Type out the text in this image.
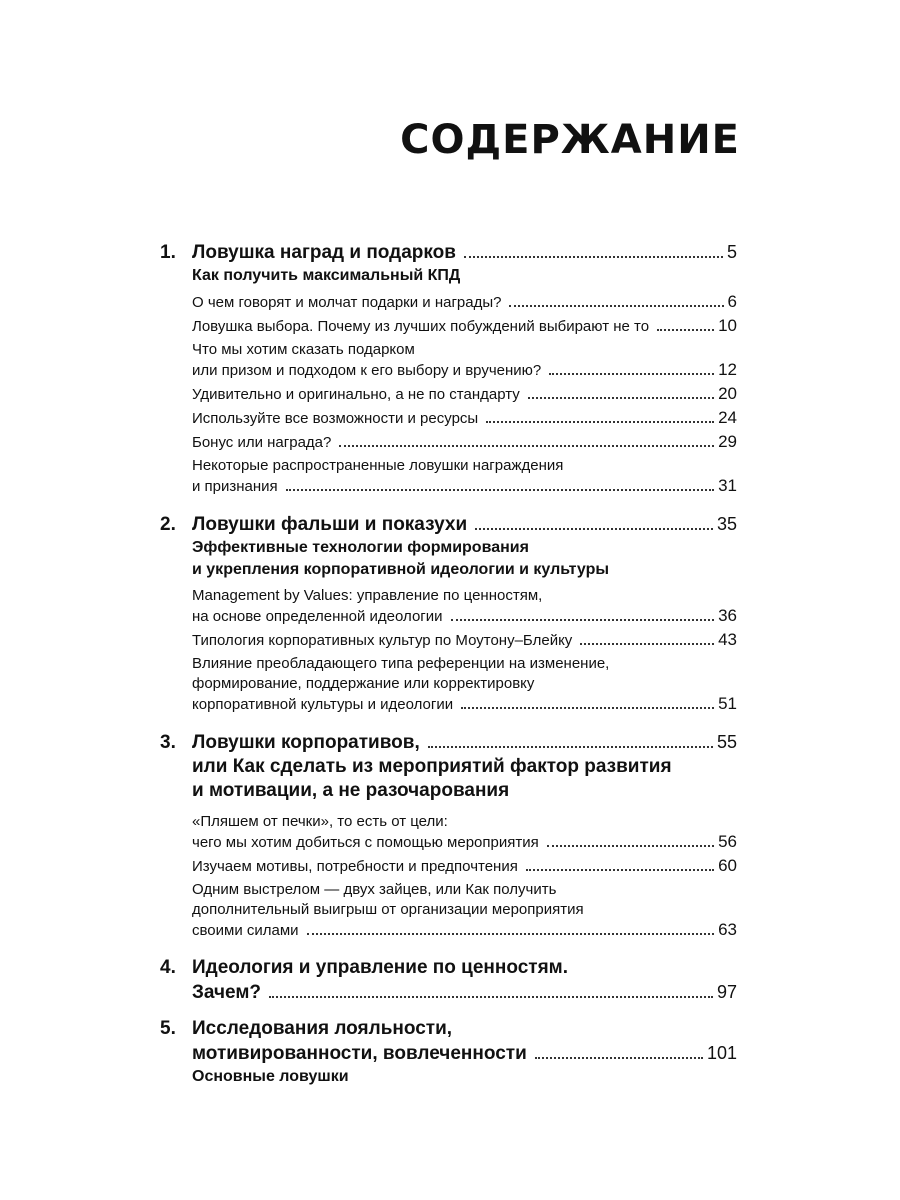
СОДЕРЖАНИЕ
1. Ловушка наград и подарков	5
Как получить максимальный КПД
О чем говорят и молчат подарки и награды?	6
Ловушка выбора. Почему из лучших побуждений выбирают не то	10
Что мы хотим сказать подарком
или призом и подходом к его выбору и вручению?	12
Удивительно и оригинально, а не по стандарту	20
Используйте все возможности и ресурсы	24
Бонус или награда?	29
Некоторые распространенные ловушки награждения
и признания	31
2. Ловушки фальши и показухи	35
Эффективные технологии формирования
и укрепления корпоративной идеологии и культуры
Management by Values: управление по ценностям,
на основе определенной идеологии	36
Типология корпоративных культур по Моутону–Блейку	43
Влияние преобладающего типа референции на изменение,
формирование, поддержание или корректировку
корпоративной культуры и идеологии	51
3. Ловушки корпоративов,	55
или Как сделать из мероприятий фактор развития
и мотивации, а не разочарования
«Пляшем от печки», то есть от цели:
чего мы хотим добиться с помощью мероприятия	56
Изучаем мотивы, потребности и предпочтения	60
Одним выстрелом — двух зайцев, или Как получить
дополнительный выигрыш от организации мероприятия
своими силами	63
4. Идеология и управление по ценностям.
Зачем?	97
5. Исследования лояльности,
мотивированности, вовлеченности	101
Основные ловушки
